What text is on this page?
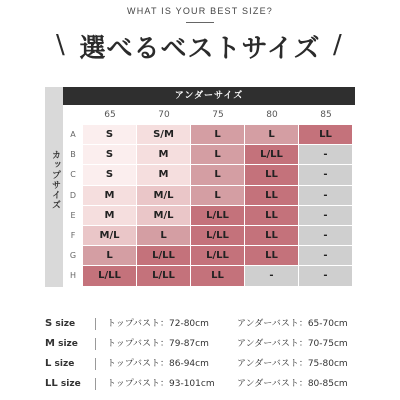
WHAT IS YOUR BEST SIZE?
\ 選べるベストサイズ /
カップサイズ
アンダーサイズ
65	70	75	80	85
A	S	S/M	L	L	LL
B	S	M	L	L/LL	-
C	S	M	L	LL	-
D	M	M/L	L	LL	-
E	M	M/L	L/LL	LL	-
F	M/L	L	L/LL	LL	-
G	L	L/LL	L/LL	LL	-
H	L/LL	L/LL	LL	-	-
S size	トップバスト：72-80cm	アンダーバスト：65-70cm
M size	トップバスト：79-87cm	アンダーバスト：70-75cm
L size	トップバスト：86-94cm	アンダーバスト：75-80cm
LL size	トップバスト：93-101cm アンダーバスト：80-85cm
